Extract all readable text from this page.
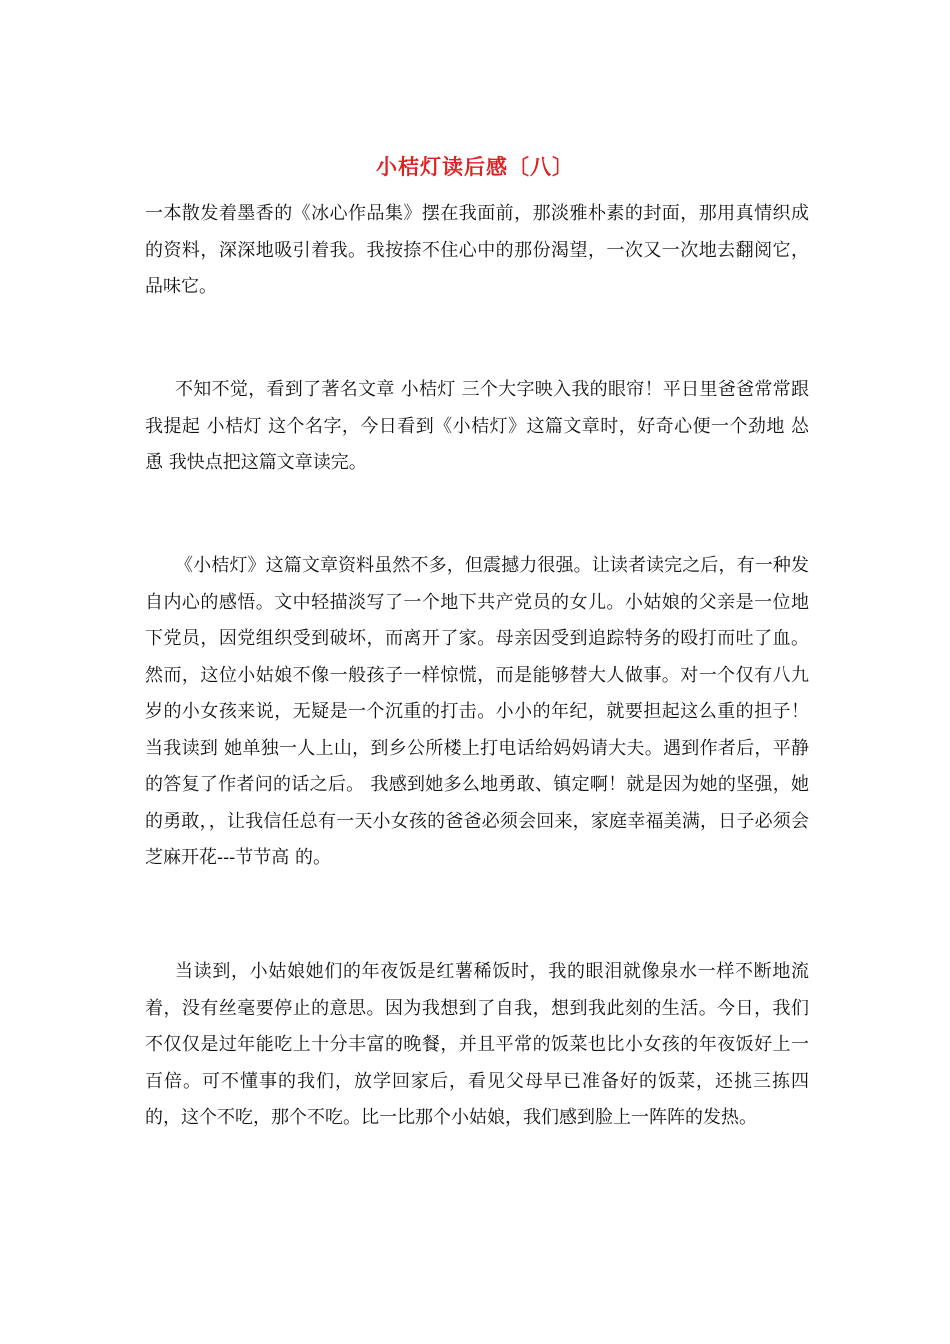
小桔灯读后感〔八〕

一本散发着墨香的《冰心作品集》摆在我面前，那淡雅朴素的封面，那用真情织成的资料，深深地吸引着我。我按捺不住心中的那份渴望，一次又一次地去翻阅它，品味它。

不知不觉，看到了著名文章 小桔灯 三个大字映入我的眼帘！平日里爸爸常常跟我提起 小桔灯 这个名字，今日看到《小桔灯》这篇文章时，好奇心便一个劲地 怂恿 我快点把这篇文章读完。

《小桔灯》这篇文章资料虽然不多，但震撼力很强。让读者读完之后，有一种发自内心的感悟。文中轻描淡写了一个地下共产党员的女儿。小姑娘的父亲是一位地下党员，因党组织受到破坏，而离开了家。母亲因受到追踪特务的殴打而吐了血。然而，这位小姑娘不像一般孩子一样惊慌，而是能够替大人做事。对一个仅有八九岁的小女孩来说，无疑是一个沉重的打击。小小的年纪，就要担起这么重的担子！当我读到 她单独一人上山，到乡公所楼上打电话给妈妈请大夫。遇到作者后，平静的答复了作者问的话之后。 我感到她多么地勇敢、镇定啊！就是因为她的坚强，她的勇敢，，让我信任总有一天小女孩的爸爸必须会回来，家庭幸福美满，日子必须会 芝麻开花---节节高 的。

当读到，小姑娘她们的年夜饭是红薯稀饭时，我的眼泪就像泉水一样不断地流着，没有丝毫要停止的意思。因为我想到了自我，想到我此刻的生活。今日，我们不仅仅是过年能吃上十分丰富的晚餐，并且平常的饭菜也比小女孩的年夜饭好上一百倍。可不懂事的我们，放学回家后，看见父母早已准备好的饭菜，还挑三拣四的，这个不吃，那个不吃。比一比那个小姑娘，我们感到脸上一阵阵的发热。
